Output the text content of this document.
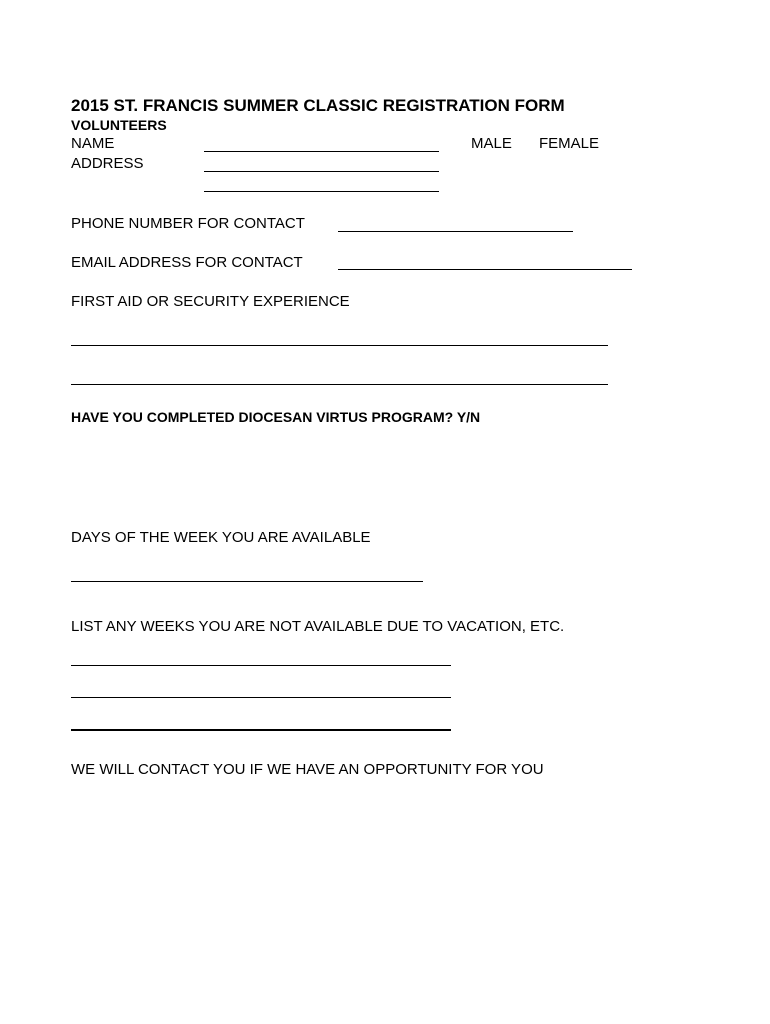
2015 ST. FRANCIS SUMMER CLASSIC REGISTRATION FORM
VOLUNTEERS
NAME	MALE FEMALE
ADDRESS
PHONE NUMBER FOR CONTACT
EMAIL ADDRESS FOR CONTACT
FIRST AID OR SECURITY EXPERIENCE
HAVE YOU COMPLETED DIOCESAN VIRTUS PROGRAM? Y/N
DAYS OF THE WEEK YOU ARE AVAILABLE
LIST ANY WEEKS YOU ARE NOT AVAILABLE DUE TO VACATION, ETC.
WE WILL CONTACT YOU IF WE HAVE AN OPPORTUNITY FOR YOU
